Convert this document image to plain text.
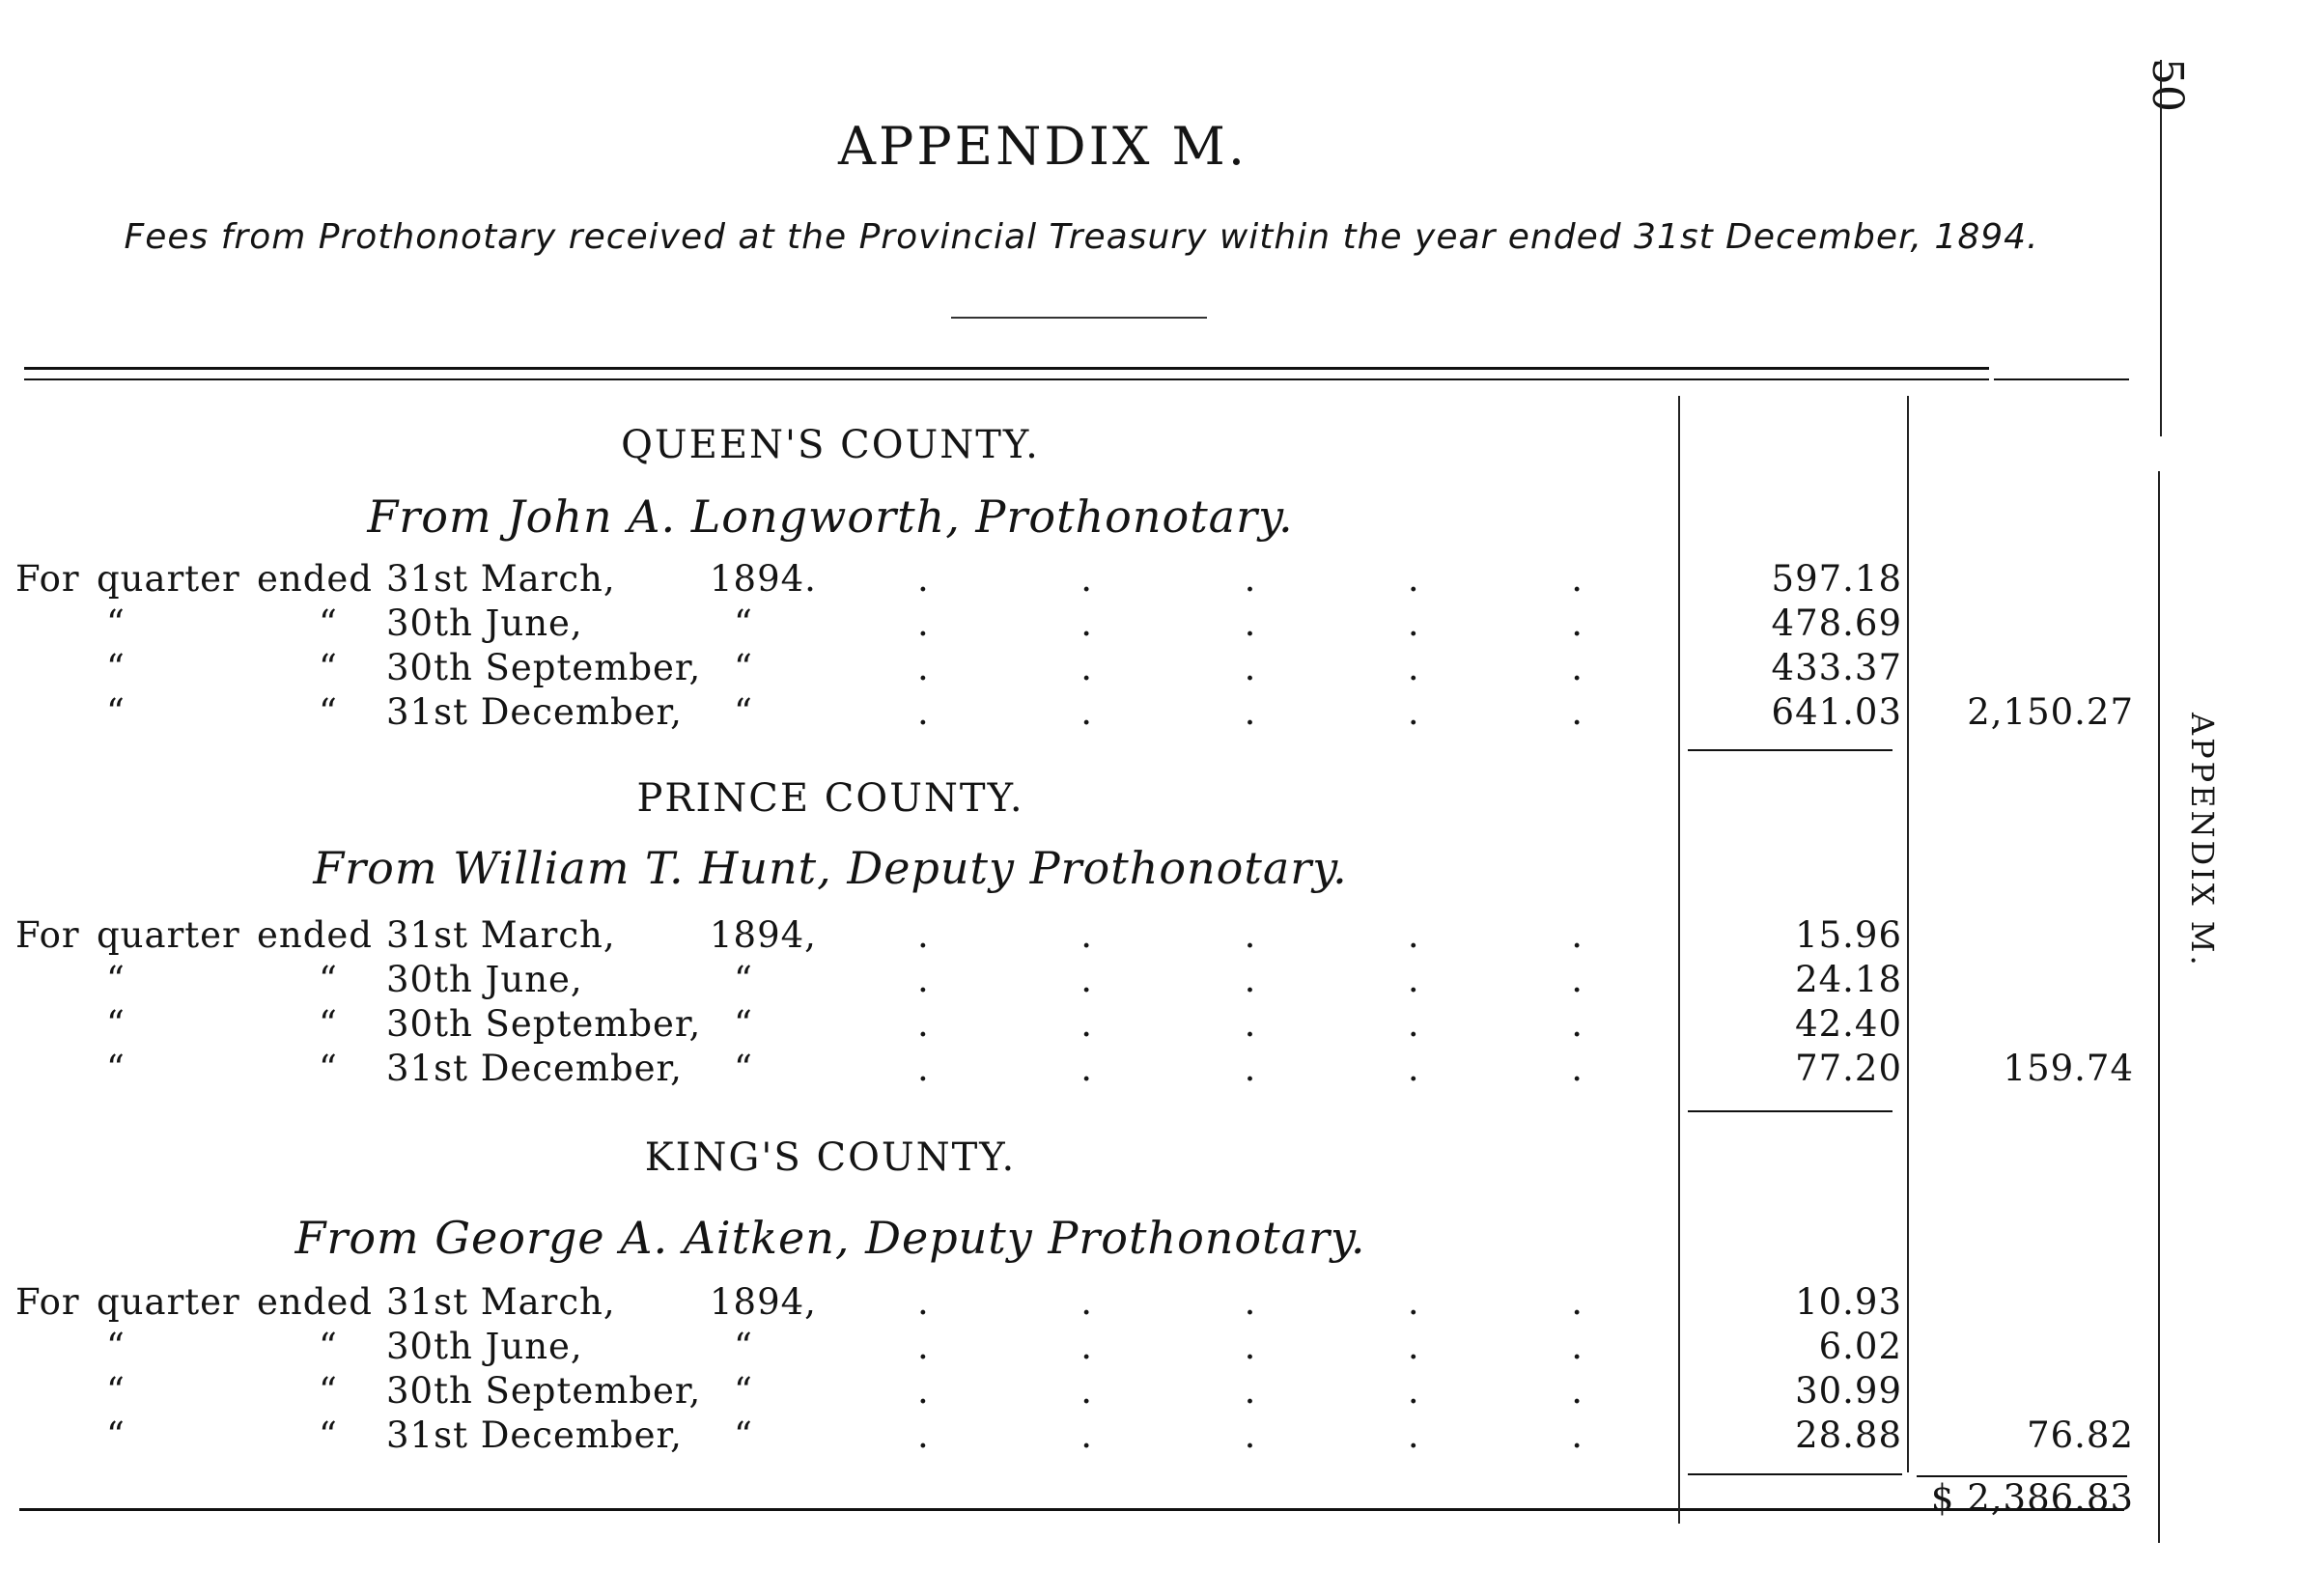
50
APPENDIX M.
Fees from Prothonotary received at the Provincial Treasury within the year ended 31st December, 1894.
APPENDIX M.
QUEEN'S COUNTY.
From John A. Longworth, Prothonotary.
For quarter ended 31st March,	1894.	.	.	.	.	.	597.18
“	“ 30th June,	“	.	.	.	.	.	478.69
“	“ 30th September, “	.	.	.	.	.	433.37
“	“ 31st December, “	.	.	.	.	.	641.03	2,150.27
PRINCE COUNTY.
From William T. Hunt, Deputy Prothonotary.
For quarter ended 31st March,	1894,	.	.	.	.	.	15.96
“	“ 30th June,	“	.	.	.	.	.	24.18
“	“ 30th September, “	.	.	.	.	.	42.40
“	“ 31st December, “	.	.	.	.	.	77.20	159.74
KING'S COUNTY.
From George A. Aitken, Deputy Prothonotary.
For quarter ended 31st March,	1894,	.	.	.	.	.	10.93
“	“ 30th June,	“	.	.	.	.	.	6.02
“	“ 30th September, “	.	.	.	.	.	30.99
“	“ 31st December, “	.	.	.	.	.	28.88	76.82
$ 2,386.83
